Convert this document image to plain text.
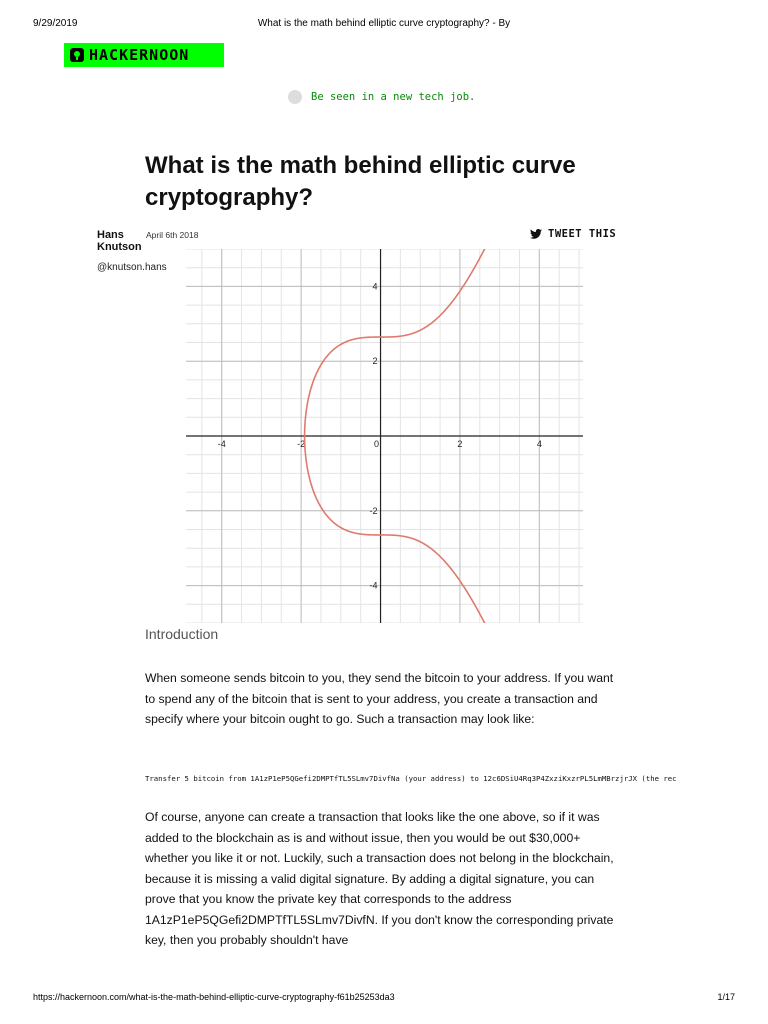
9/29/2019	What is the math behind elliptic curve cryptography? - By
HACKERNOON
Be seen in a new tech job.
What is the math behind elliptic curve cryptography?
Hans Knutson
@knutson.hans
April 6th 2018	TWEET THIS
-4	-2	0	2	4
4
2
-2
-4
Introduction

When someone sends bitcoin to you, they send the bitcoin to your address. If you want to spend any of the bitcoin that is sent to your address, you create a transaction and specify where your bitcoin ought to go. Such a transaction may look like:

Transfer 5 bitcoin from 1A1zP1eP5QGefi2DMPTfTL5SLmv7DivfNa (your address) to 12c6DSiU4Rq3P4ZxziKxzrPL5LmMBrzjrJX (the rec

Of course, anyone can create a transaction that looks like the one above, so if it was added to the blockchain as is and without issue, then you would be out $30,000+ whether you like it or not. Luckily, such a transaction does not belong in the blockchain, because it is missing a valid digital signature. By adding a digital signature, you can prove that you know the private key that corresponds to the address 1A1zP1eP5QGefi2DMPTfTL5SLmv7DivfN. If you don't know the corresponding private key, then you probably shouldn't have

https://hackernoon.com/what-is-the-math-behind-elliptic-curve-cryptography-f61b25253da3	1/17
